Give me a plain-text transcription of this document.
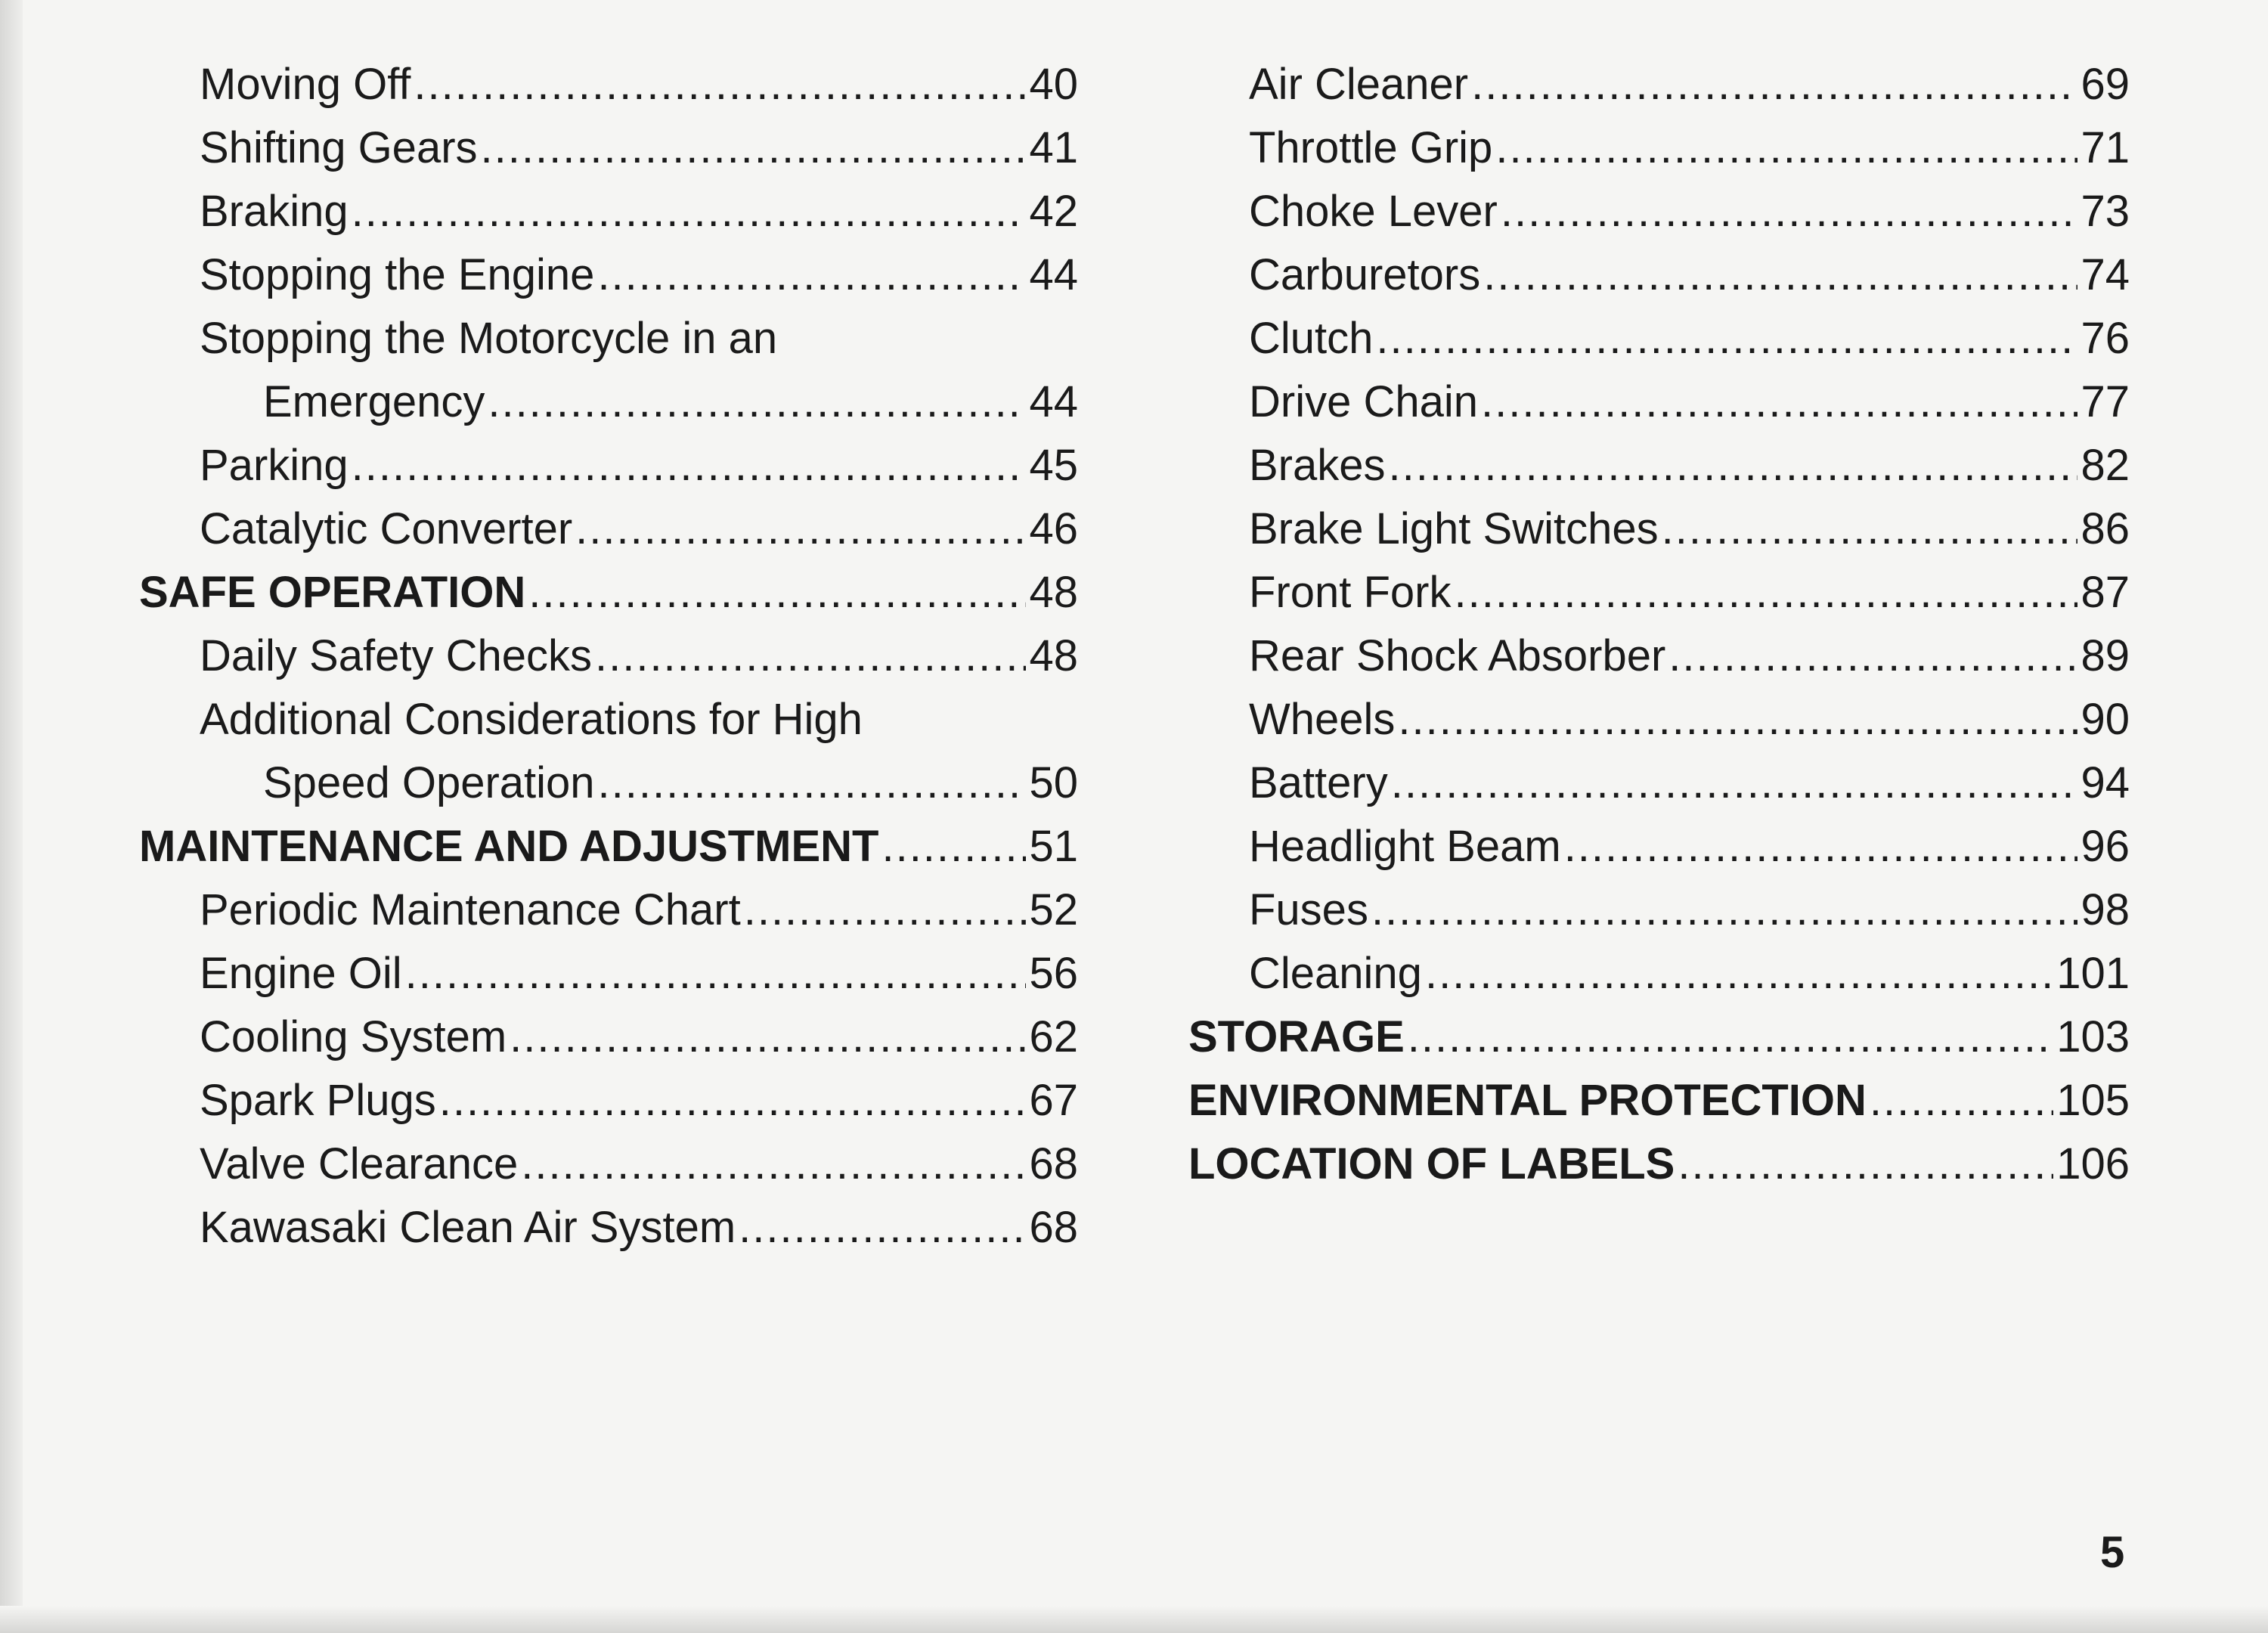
Moving Off .....	40
Shifting Gears .....	41
Braking .....	42
Stopping the Engine .....	44
Stopping the Motorcycle in an
Emergency .....	44
Parking .....	45
Catalytic Converter .....	46
SAFE OPERATION .....	48
Daily Safety Checks .....	48
Additional Considerations for High
Speed Operation .....	50
MAINTENANCE AND ADJUSTMENT .....	51
Periodic Maintenance Chart .....	52
Engine Oil .....	56
Cooling System .....	62
Spark Plugs .....	67
Valve Clearance .....	68
Kawasaki Clean Air System .....	68
Air Cleaner .....	69
Throttle Grip .....	71
Choke Lever .....	73
Carburetors .....	74
Clutch .....	76
Drive Chain .....	77
Brakes .....	82
Brake Light Switches .....	86
Front Fork .....	87
Rear Shock Absorber .....	89
Wheels .....	90
Battery .....	94
Headlight Beam .....	96
Fuses .....	98
Cleaning .....	101
STORAGE .....	103
ENVIRONMENTAL PROTECTION .....	105
LOCATION OF LABELS .....	106
5
